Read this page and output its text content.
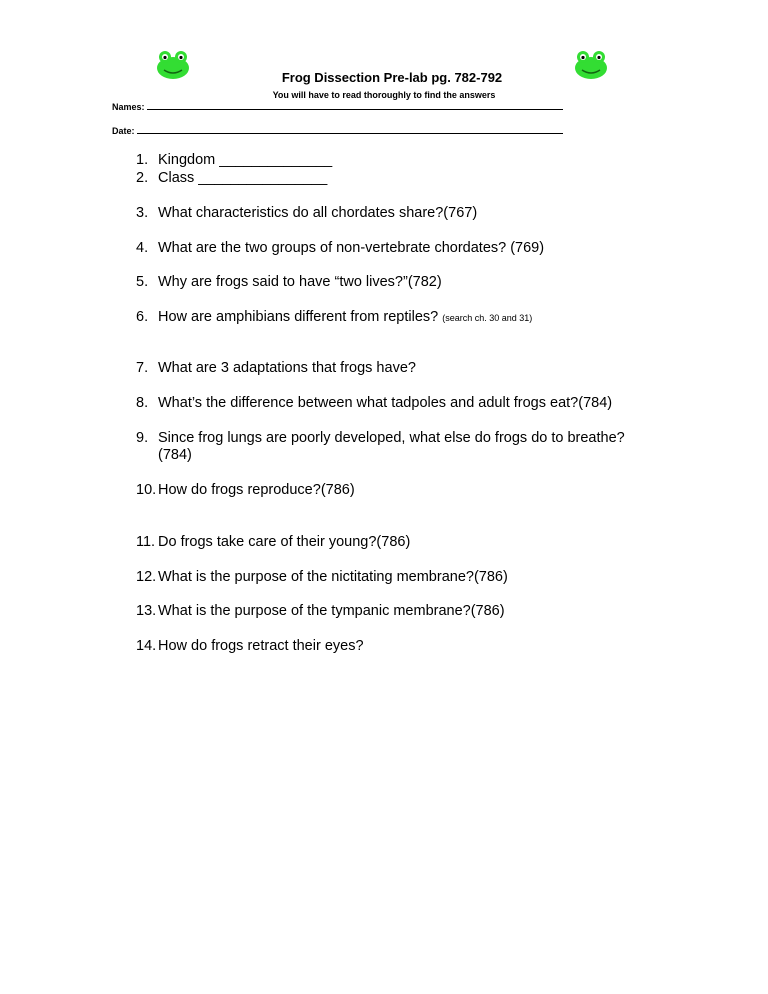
Frog Dissection Pre-lab pg. 782-792
You will have to read thoroughly to find the answers
Names:
Date:
1. Kingdom ______________
2. Class ________________
3. What characteristics do all chordates share?(767)
4. What are the two groups of non-vertebrate chordates? (769)
5. Why are frogs said to have “two lives?”(782)
6. How are amphibians different from reptiles? (search ch. 30 and 31)
7. What are 3 adaptations that frogs have?
8. What’s the difference between what tadpoles and adult frogs eat?(784)
9. Since frog lungs are poorly developed, what else do frogs do to breathe?
(784)
10. How do frogs reproduce?(786)
11. Do frogs take care of their young?(786)
12. What is the purpose of the nictitating membrane?(786)
13. What is the purpose of the tympanic membrane?(786)
14. How do frogs retract their eyes?
